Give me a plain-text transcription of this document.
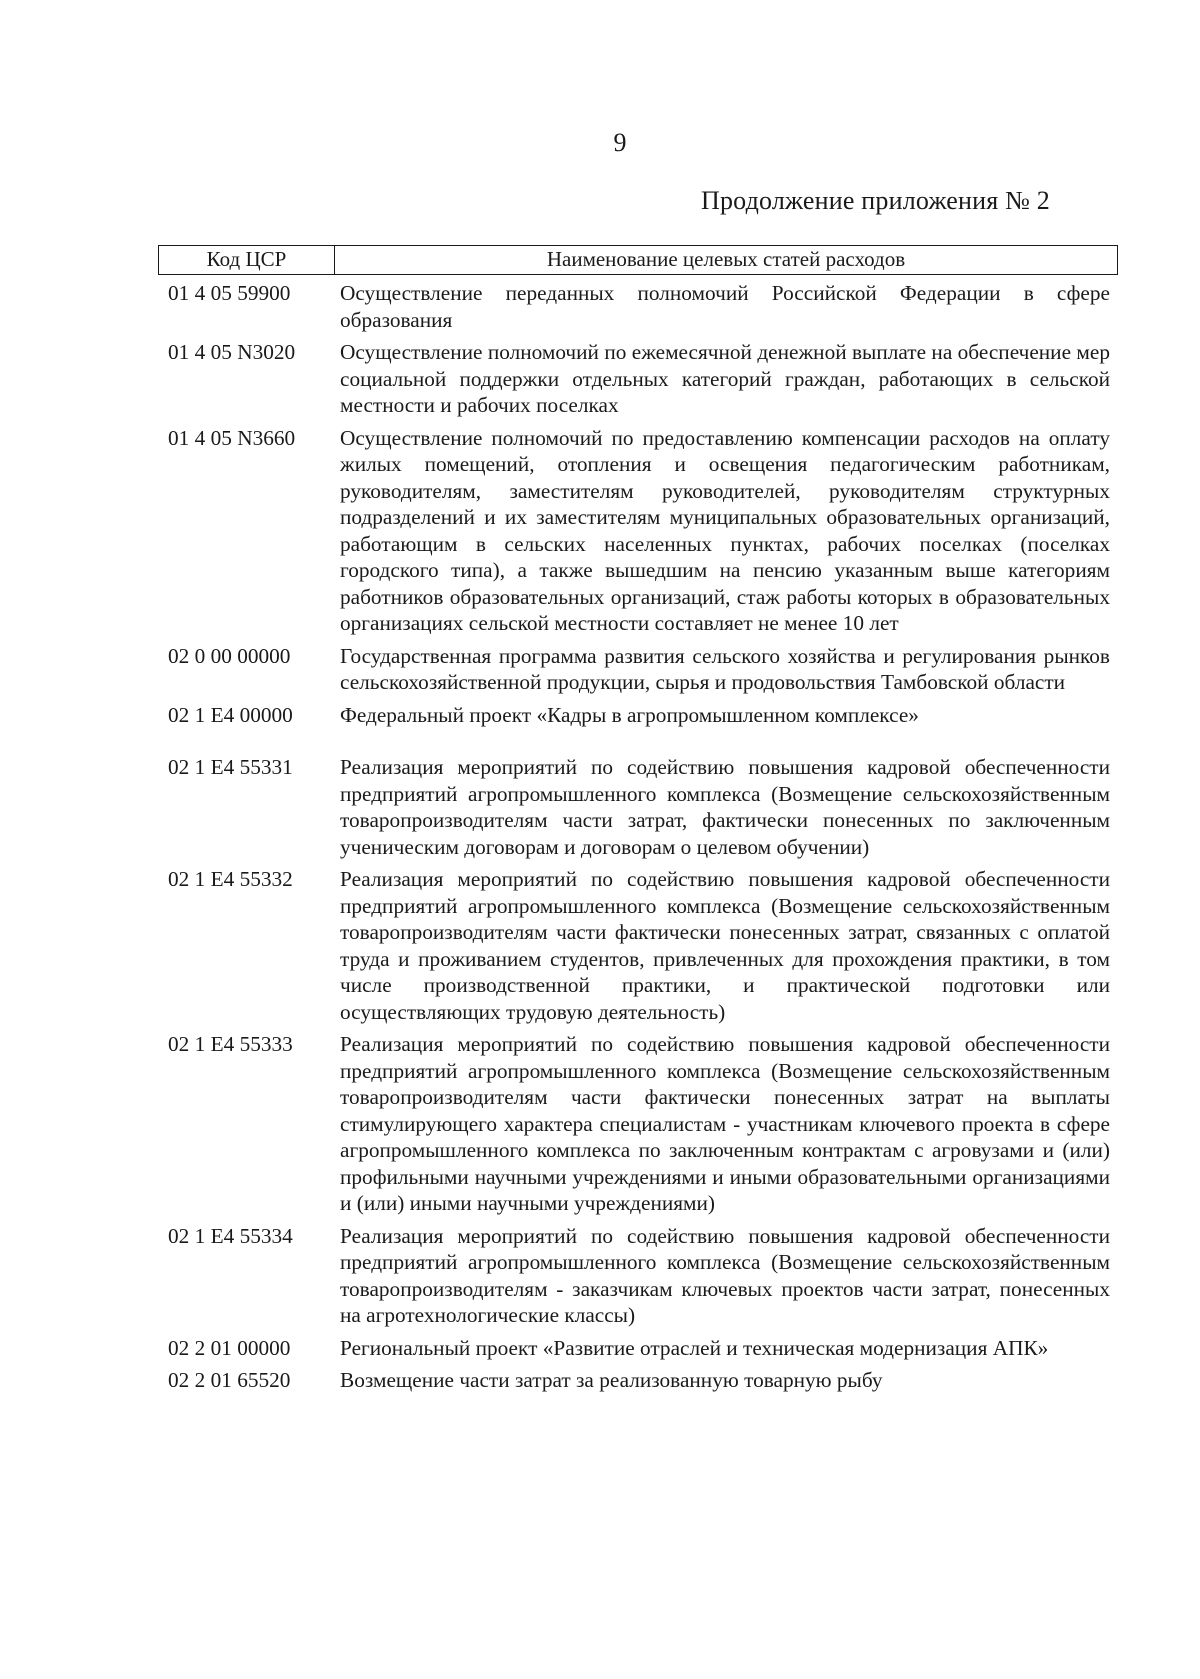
9
Продолжение приложения № 2
Код ЦСР	Наименование целевых статей расходов
01 4 05 59900	Осуществление переданных полномочий Российской Федерации в сфере образования
01 4 05 N3020	Осуществление полномочий по ежемесячной денежной выплате на обеспечение мер социальной поддержки отдельных категорий граждан, работающих в сельской местности и рабочих поселках
01 4 05 N3660	Осуществление полномочий по предоставлению компенсации расходов на оплату жилых помещений, отопления и освещения педагогическим работникам, руководителям, заместителям руководителей, руководителям структурных подразделений и их заместителям муниципальных образовательных организаций, работающим в сельских населенных пунктах, рабочих поселках (поселках городского типа), а также вышедшим на пенсию указанным выше категориям работников образовательных организаций, стаж работы которых в образовательных организациях сельской местности составляет не менее 10 лет
02 0 00 00000	Государственная программа развития сельского хозяйства и регулирования рынков сельскохозяйственной продукции, сырья и продовольствия Тамбовской области
02 1 E4 00000	Федеральный проект «Кадры в агропромышленном комплексе»
02 1 E4 55331	Реализация мероприятий по содействию повышения кадровой обеспеченности предприятий агропромышленного комплекса (Возмещение сельскохозяйственным товаропроизводителям части затрат, фактически понесенных по заключенным ученическим договорам и договорам о целевом обучении)
02 1 E4 55332	Реализация мероприятий по содействию повышения кадровой обеспеченности предприятий агропромышленного комплекса (Возмещение сельскохозяйственным товаропроизводителям части фактически понесенных затрат, связанных с оплатой труда и проживанием студентов, привлеченных для прохождения практики, в том числе производственной практики, и практической подготовки или осуществляющих трудовую деятельность)
02 1 E4 55333	Реализация мероприятий по содействию повышения кадровой обеспеченности предприятий агропромышленного комплекса (Возмещение сельскохозяйственным товаропроизводителям части фактически понесенных затрат на выплаты стимулирующего характера специалистам - участникам ключевого проекта в сфере агропромышленного комплекса по заключенным контрактам с агровузами и (или) профильными научными учреждениями и иными образовательными организациями и (или) иными научными учреждениями)
02 1 E4 55334	Реализация мероприятий по содействию повышения кадровой обеспеченности предприятий агропромышленного комплекса (Возмещение сельскохозяйственным товаропроизводителям - заказчикам ключевых проектов части затрат, понесенных на агротехнологические классы)
02 2 01 00000	Региональный проект «Развитие отраслей и техническая модернизация АПК»
02 2 01 65520	Возмещение части затрат за реализованную товарную рыбу
